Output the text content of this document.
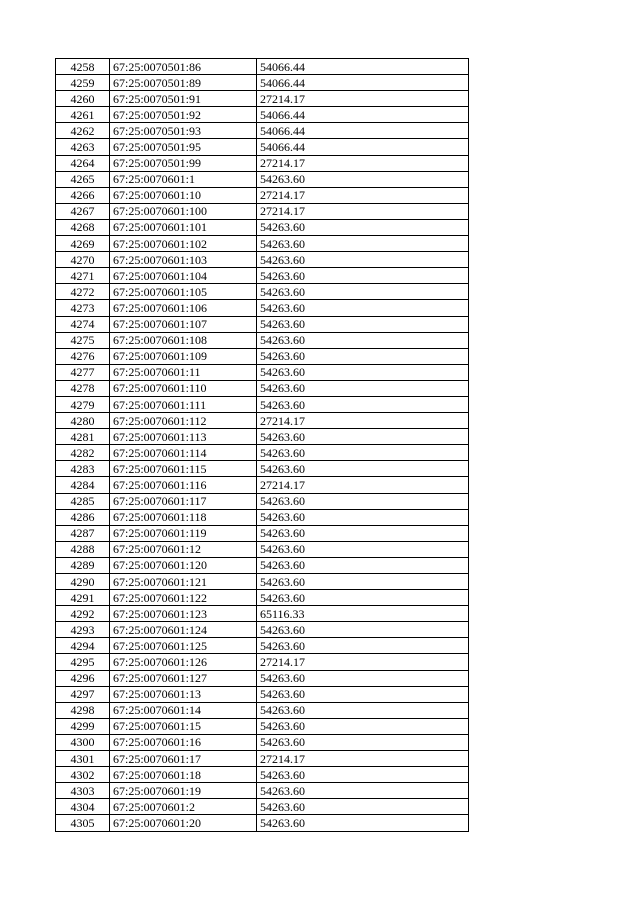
4258	67:25:0070501:86	54066.44
4259	67:25:0070501:89	54066.44
4260	67:25:0070501:91	27214.17
4261	67:25:0070501:92	54066.44
4262	67:25:0070501:93	54066.44
4263	67:25:0070501:95	54066.44
4264	67:25:0070501:99	27214.17
4265	67:25:0070601:1	54263.60
4266	67:25:0070601:10	27214.17
4267	67:25:0070601:100	27214.17
4268	67:25:0070601:101	54263.60
4269	67:25:0070601:102	54263.60
4270	67:25:0070601:103	54263.60
4271	67:25:0070601:104	54263.60
4272	67:25:0070601:105	54263.60
4273	67:25:0070601:106	54263.60
4274	67:25:0070601:107	54263.60
4275	67:25:0070601:108	54263.60
4276	67:25:0070601:109	54263.60
4277	67:25:0070601:11	54263.60
4278	67:25:0070601:110	54263.60
4279	67:25:0070601:111	54263.60
4280	67:25:0070601:112	27214.17
4281	67:25:0070601:113	54263.60
4282	67:25:0070601:114	54263.60
4283	67:25:0070601:115	54263.60
4284	67:25:0070601:116	27214.17
4285	67:25:0070601:117	54263.60
4286	67:25:0070601:118	54263.60
4287	67:25:0070601:119	54263.60
4288	67:25:0070601:12	54263.60
4289	67:25:0070601:120	54263.60
4290	67:25:0070601:121	54263.60
4291	67:25:0070601:122	54263.60
4292	67:25:0070601:123	65116.33
4293	67:25:0070601:124	54263.60
4294	67:25:0070601:125	54263.60
4295	67:25:0070601:126	27214.17
4296	67:25:0070601:127	54263.60
4297	67:25:0070601:13	54263.60
4298	67:25:0070601:14	54263.60
4299	67:25:0070601:15	54263.60
4300	67:25:0070601:16	54263.60
4301	67:25:0070601:17	27214.17
4302	67:25:0070601:18	54263.60
4303	67:25:0070601:19	54263.60
4304	67:25:0070601:2	54263.60
4305	67:25:0070601:20	54263.60
